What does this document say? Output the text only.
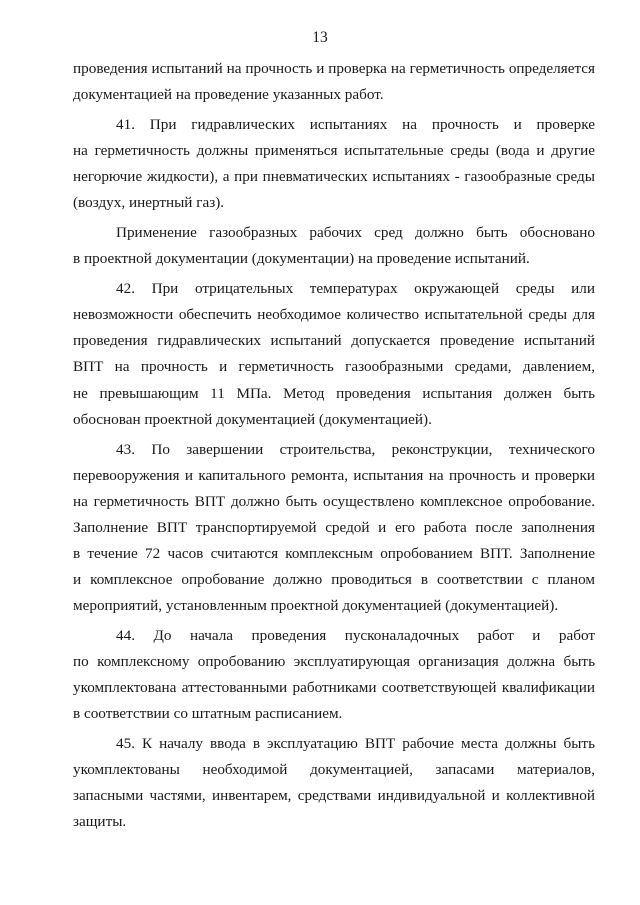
13
проведения испытаний на прочность и проверка на герметичность определяется
документацией на проведение указанных работ.
41. При гидравлических испытаниях на прочность и проверке
на герметичность должны применяться испытательные среды (вода и другие
негорючие жидкости), а при пневматических испытаниях - газообразные среды
(воздух, инертный газ).
Применение газообразных рабочих сред должно быть обосновано
в проектной документации (документации) на проведение испытаний.
42. При отрицательных температурах окружающей среды или
невозможности обеспечить необходимое количество испытательной среды для
проведения гидравлических испытаний допускается проведение испытаний
ВПТ на прочность и герметичность газообразными средами, давлением,
не превышающим 11 МПа. Метод проведения испытания должен быть
обоснован проектной документацией (документацией).
43. По завершении строительства, реконструкции, технического
перевооружения и капитального ремонта, испытания на прочность и проверки
на герметичность ВПТ должно быть осуществлено комплексное опробование.
Заполнение ВПТ транспортируемой средой и его работа после заполнения
в течение 72 часов считаются комплексным опробованием ВПТ. Заполнение
и комплексное опробование должно проводиться в соответствии с планом
мероприятий, установленным проектной документацией (документацией).
44. До начала проведения пусконаладочных работ и работ
по комплексному опробованию эксплуатирующая организация должна быть
укомплектована аттестованными работниками соответствующей квалификации
в соответствии со штатным расписанием.
45. К началу ввода в эксплуатацию ВПТ рабочие места должны быть
укомплектованы необходимой документацией, запасами материалов,
запасными частями, инвентарем, средствами индивидуальной и коллективной
защиты.
